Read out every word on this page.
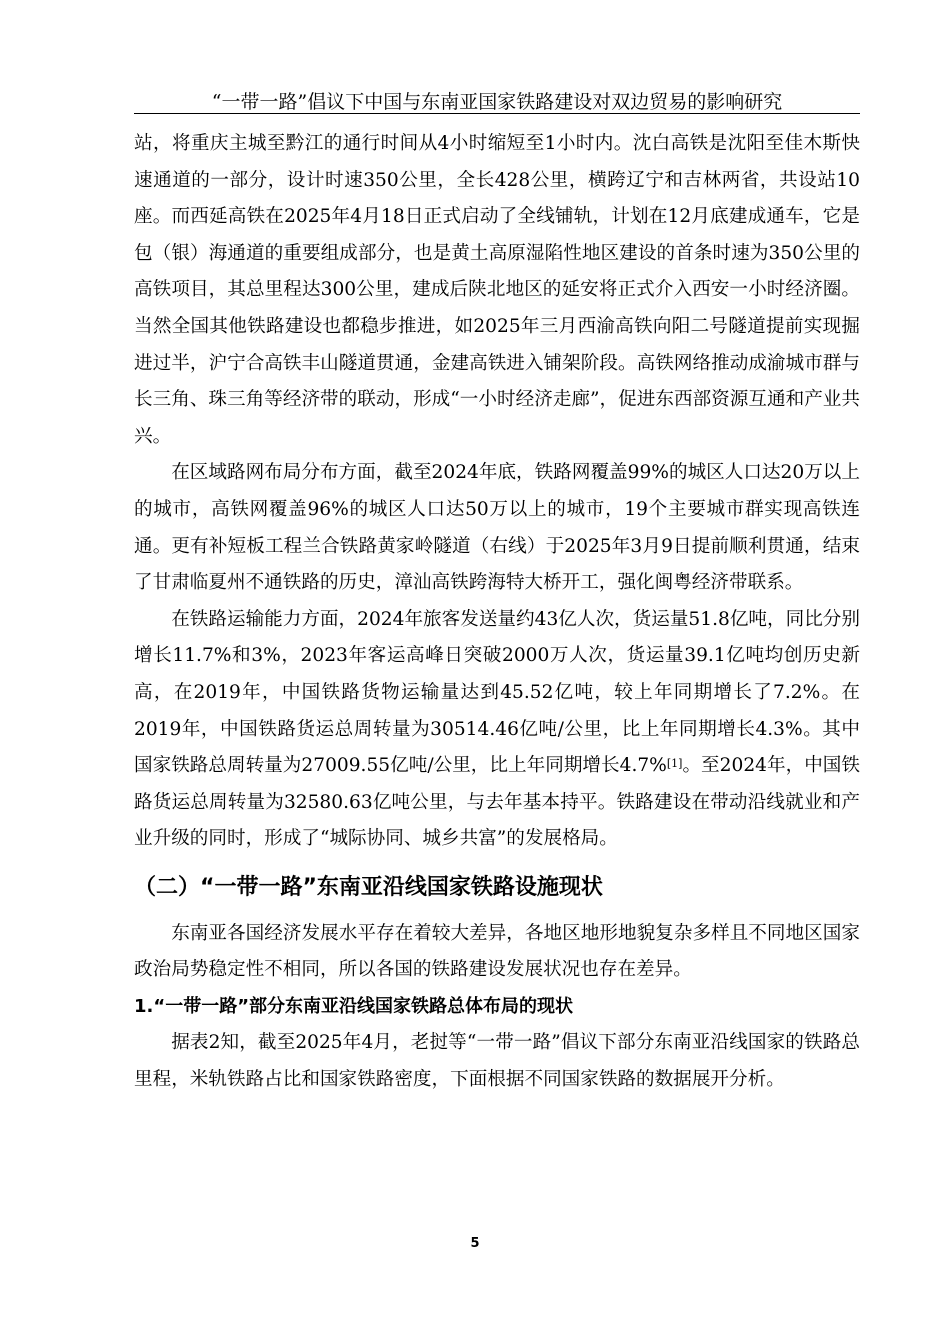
“一带一路”倡议下中国与东南亚国家铁路建设对双边贸易的影响研究

站，将重庆主城至黔江的通行时间从4小时缩短至1小时内。沈白高铁是沈阳至佳木斯快速通道的一部分，设计时速350公里，全长428公里，横跨辽宁和吉林两省，共设站10座。而西延高铁在2025年4月18日正式启动了全线铺轨，计划在12月底建成通车，它是包（银）海通道的重要组成部分，也是黄土高原湿陷性地区建设的首条时速为350公里的高铁项目，其总里程达300公里，建成后陕北地区的延安将正式介入西安一小时经济圈。当然全国其他铁路建设也都稳步推进，如2025年三月西渝高铁向阳二号隧道提前实现掘进过半，沪宁合高铁丰山隧道贯通，金建高铁进入铺架阶段。高铁网络推动成渝城市群与长三角、珠三角等经济带的联动，形成“一小时经济走廊”，促进东西部资源互通和产业共兴。

在区域路网布局分布方面，截至2024年底，铁路网覆盖99%的城区人口达20万以上的城市，高铁网覆盖96%的城区人口达50万以上的城市，19个主要城市群实现高铁连通。更有补短板工程兰合铁路黄家岭隧道（右线）于2025年3月9日提前顺利贯通，结束了甘肃临夏州不通铁路的历史，漳汕高铁跨海特大桥开工，强化闽粤经济带联系。

在铁路运输能力方面，2024年旅客发送量约43亿人次，货运量51.8亿吨，同比分别增长11.7%和3%，2023年客运高峰日突破2000万人次，货运量39.1亿吨均创历史新高，在2019年，中国铁路货物运输量达到45.52亿吨，较上年同期增长了7.2%。在2019年，中国铁路货运总周转量为30514.46亿吨/公里，比上年同期增长4.3%。其中国家铁路总周转量为27009.55亿吨/公里，比上年同期增长4.7%[1]。至2024年，中国铁路货运总周转量为32580.63亿吨公里，与去年基本持平。铁路建设在带动沿线就业和产业升级的同时，形成了“城际协同、城乡共富”的发展格局。

（二）“一带一路”东南亚沿线国家铁路设施现状

东南亚各国经济发展水平存在着较大差异，各地区地形地貌复杂多样且不同地区国家政治局势稳定性不相同，所以各国的铁路建设发展状况也存在差异。

1.“一带一路”部分东南亚沿线国家铁路总体布局的现状

据表2知，截至2025年4月，老挝等“一带一路”倡议下部分东南亚沿线国家的铁路总里程，米轨铁路占比和国家铁路密度，下面根据不同国家铁路的数据展开分析。

5
